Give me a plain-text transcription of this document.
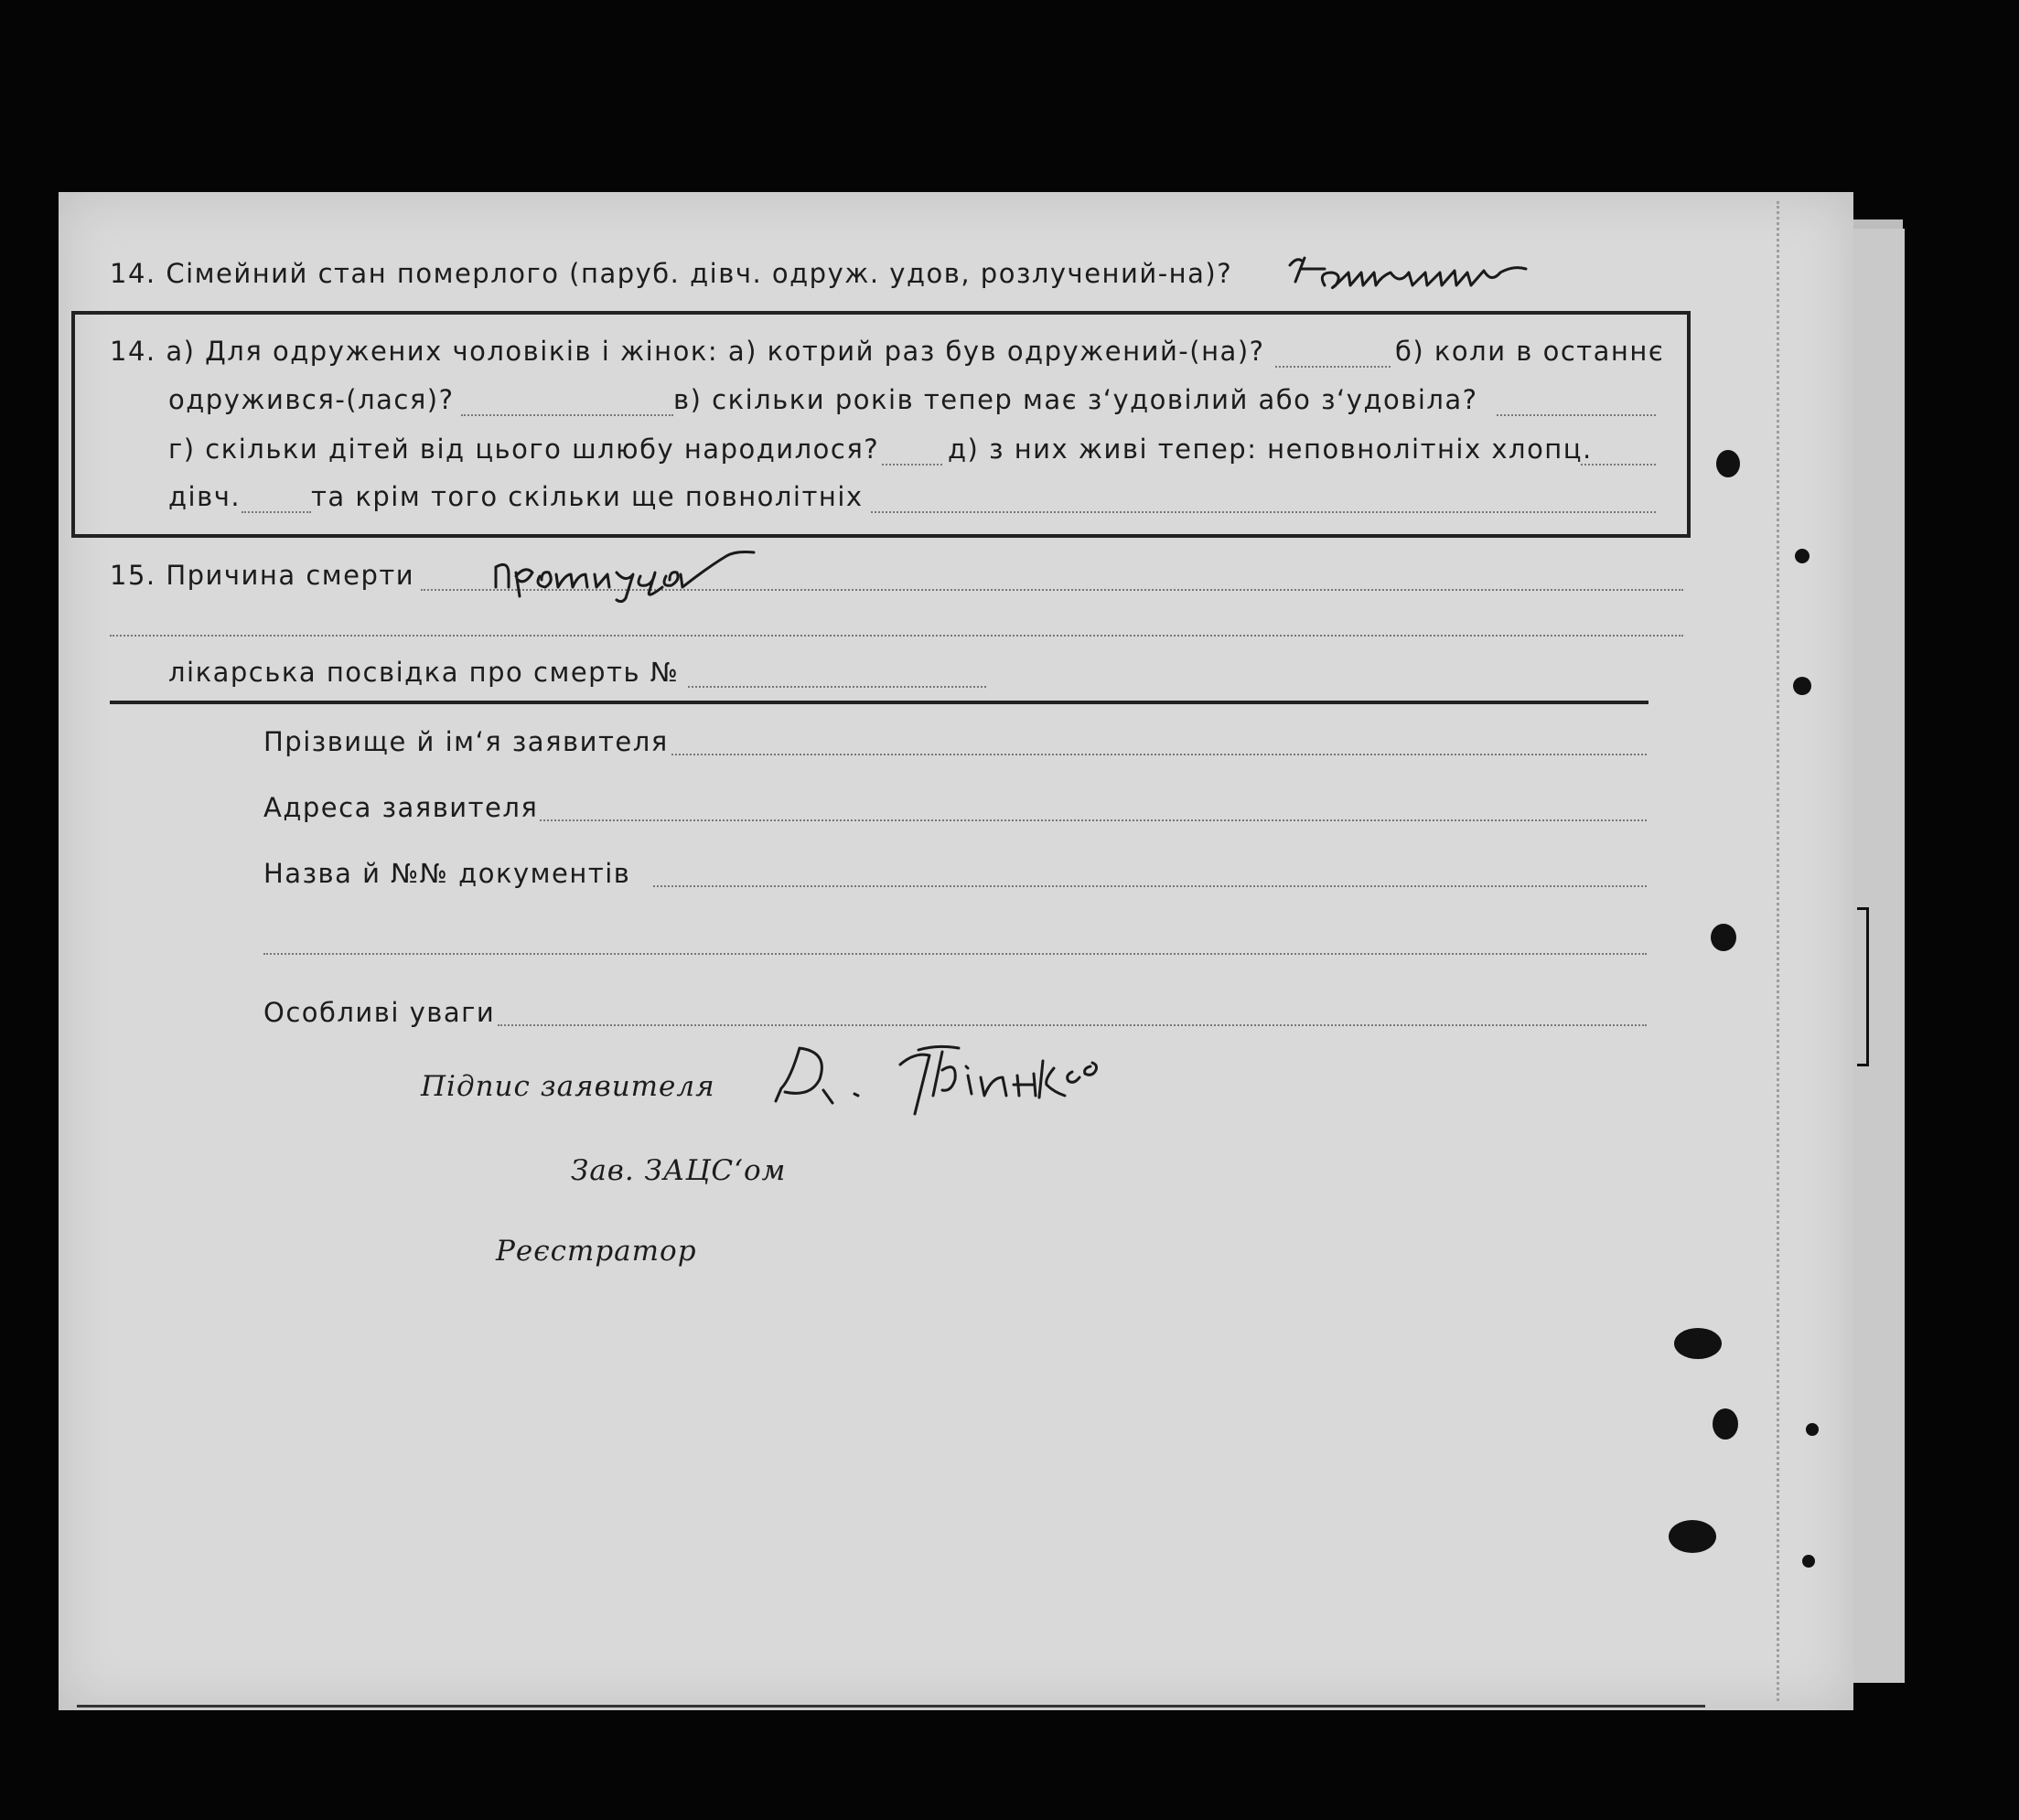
14. Сімейний стан померлого (паруб. дівч. одруж. удов, розлучений-на)?
14. а) Для одружених чоловіків і жінок: а) котрий раз був одружений-(на)?	б) коли в останнє
одружився-(лася)?	в) скільки років тепер має з‘удовілий або з‘удовіла?
г) скільки дітей від цього шлюбу народилося?	д) з них живі тепер: неповнолітніх хлопц.
дівч.	та крім того скільки ще повнолітніх
15. Причина смерти
лікарська посвідка про смерть №
Прізвище й ім‘я заявителя
Адреса заявителя
Назва й №№ документів
Особливі уваги
Підпис заявителя
Зав. ЗАЦС‘ом
Реєстратор
